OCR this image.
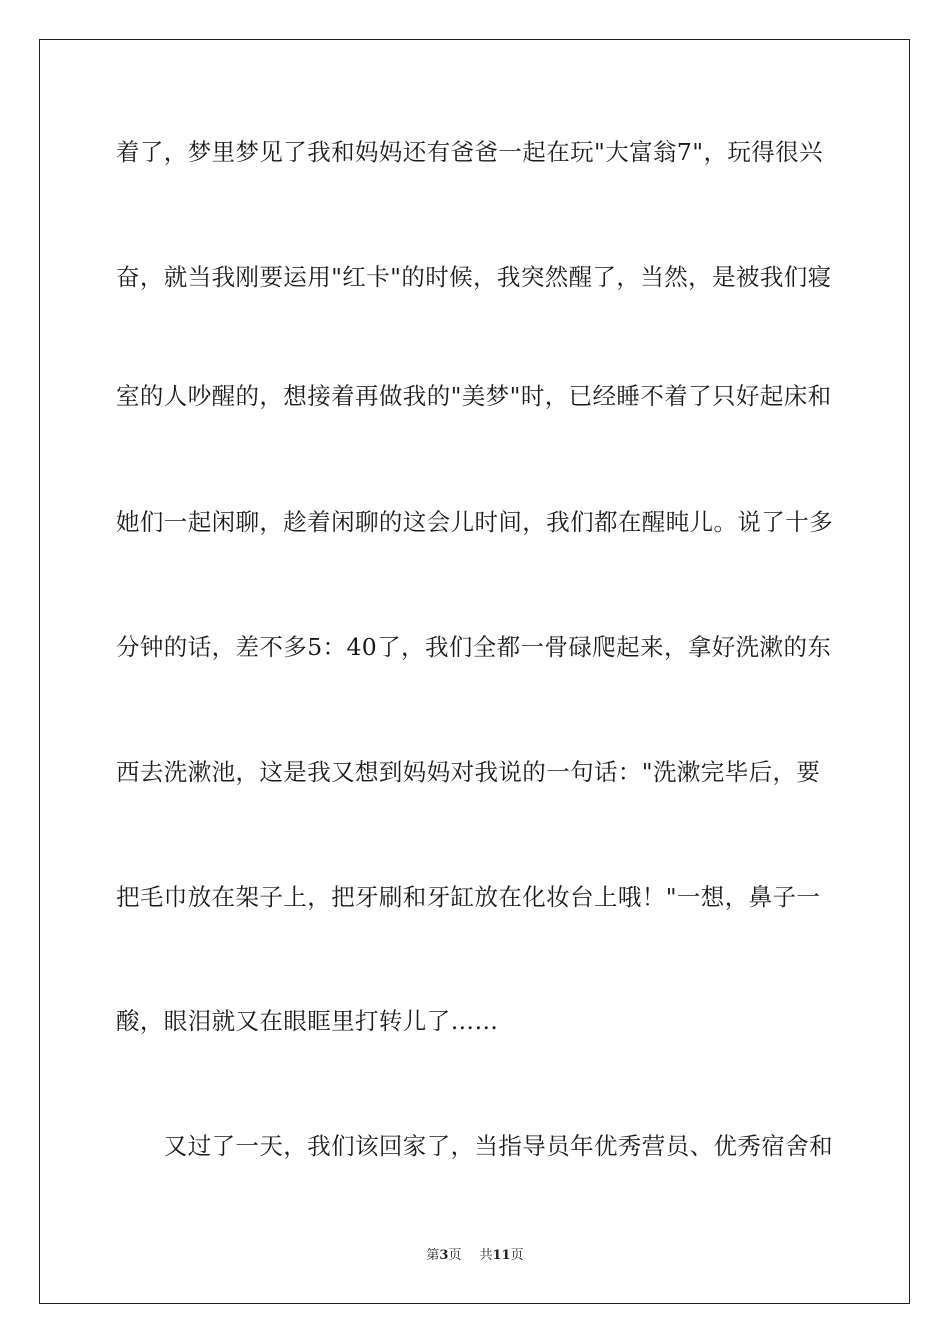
着了，梦里梦见了我和妈妈还有爸爸一起在玩"大富翁7"，玩得很兴
奋，就当我刚要运用"红卡"的时候，我突然醒了，当然，是被我们寝
室的人吵醒的，想接着再做我的"美梦"时，已经睡不着了只好起床和
她们一起闲聊，趁着闲聊的这会儿时间，我们都在醒盹儿。说了十多
分钟的话，差不多5：40了，我们全都一骨碌爬起来，拿好洗漱的东
西去洗漱池，这是我又想到妈妈对我说的一句话："洗漱完毕后，要
把毛巾放在架子上，把牙刷和牙缸放在化妆台上哦！"一想，鼻子一
酸，眼泪就又在眼眶里打转儿了……
　　又过了一天，我们该回家了，当指导员年优秀营员、优秀宿舍和
第3页 共11页
